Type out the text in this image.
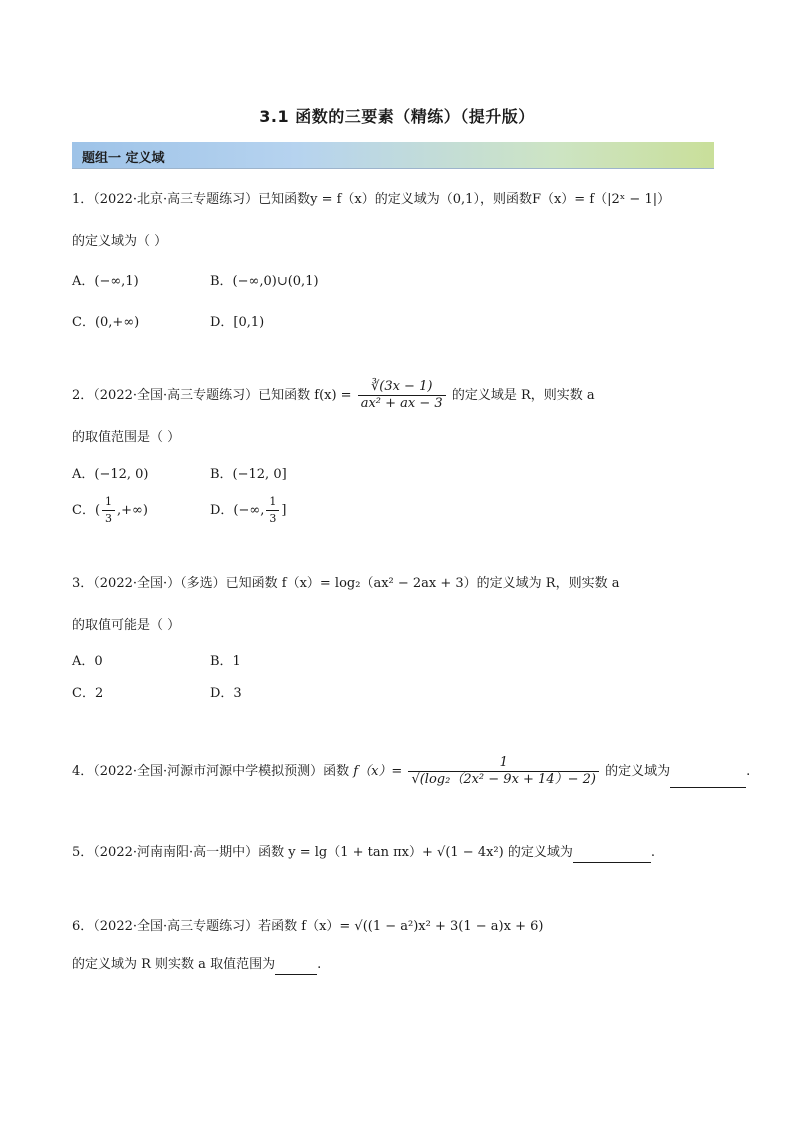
3.1 函数的三要素（精练）（提升版）
题组一 定义域
1．（2022·北京·高三专题练习）已知函数y = f（x）的定义域为（0,1），则函数F（x）= f（|2ˣ − 1|）
的定义域为（ ）
A．(−∞,1)	B．(−∞,0)∪(0,1)
C．(0,+∞)	D．[0,1)
2．（2022·全国·高三专题练习）已知函数 $f(x) = \frac{∛(3x - 1)}{\text{ax² + ax − 3}}$ 的定义域是 R，则实数 a
的取值范围是（ ）
A．(−12, 0)	B．(−12, 0]
C．( $\frac{1}{3}$ ,+∞)	D．(−∞, $\frac{1}{3}$ ]
3．（2022·全国·）（多选）已知函数 f（x）= log₂（ax² − 2ax + 3）的定义域为 R，则实数 a
的取值可能是（ ）
A．0	B．1
C．2	D．3
4．（2022·全国·河源市河源中学模拟预测）函数 $f(x)= \frac{1}{\text{√(log₂（2x² − 9x + 14）− 2)}}$ 的定义域为	.
5．（2022·河南南阳·高一期中）函数 y = lg（1 + tan πx）+ √(1 − 4x²) 的定义域为	.
6．（2022·全国·高三专题练习）若函数 f（x）= √((1 − a²)x² + 3(1 − a)x + 6)
的定义域为 R 则实数 a 取值范围为	.
